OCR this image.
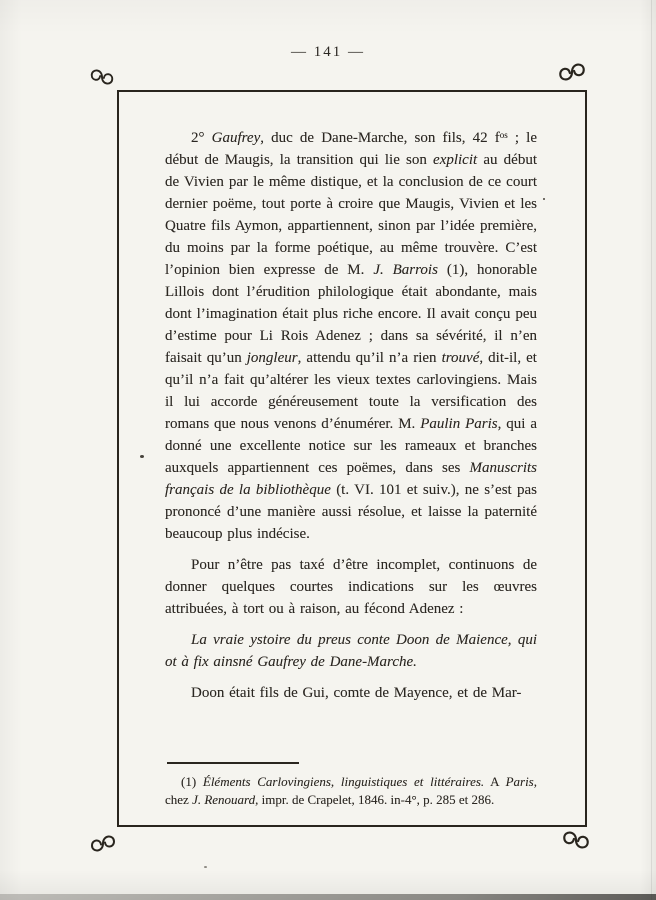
— 141 —

2° Gaufrey, duc de Dane-Marche, son fils, 42 $f^{os}$ ; le début de Maugis, la transition qui lie son explicit au début de Vivien par le même distique, et la conclusion de ce court dernier poëme, tout porte à croire que Maugis, Vivien et les Quatre fils Aymon, appartiennent, sinon par l’idée première, du moins par la forme poétique, au même trouvère. C’est l’opinion bien expresse de M. J. Barrois (1), honorable Lillois dont l’érudition philologique était abondante, mais dont l’imagination était plus riche encore. Il avait conçu peu d’estime pour Li Rois Adenez ; dans sa sévérité, il n’en faisait qu’un jongleur, attendu qu’il n’a rien trouvé, dit-il, et qu’il n’a fait qu’altérer les vieux textes carlovingiens. Mais il lui accorde généreusement toute la versification des romans que nous venons d’énumérer. M. Paulin Paris, qui a donné une excellente notice sur les rameaux et branches auxquels appartiennent ces poëmes, dans ses Manuscrits français de la bibliothèque (t. VI. 101 et suiv.), ne s’est pas prononcé d’une manière aussi résolue, et laisse la paternité beaucoup plus indécise.

Pour n’être pas taxé d’être incomplet, continuons de donner quelques courtes indications sur les œuvres attribuées, à tort ou à raison, au fécond Adenez :

La vraie ystoire du preus conte Doon de Maience, qui ot à fix ainsné Gaufrey de Dane-Marche.

Doon était fils de Gui, comte de Mayence, et de Mar-

(1) Éléments Carlovingiens, linguistiques et littéraires. A Paris, chez J. Renouard, impr. de Crapelet, 1846. in-4°, p. 285 et 286.
